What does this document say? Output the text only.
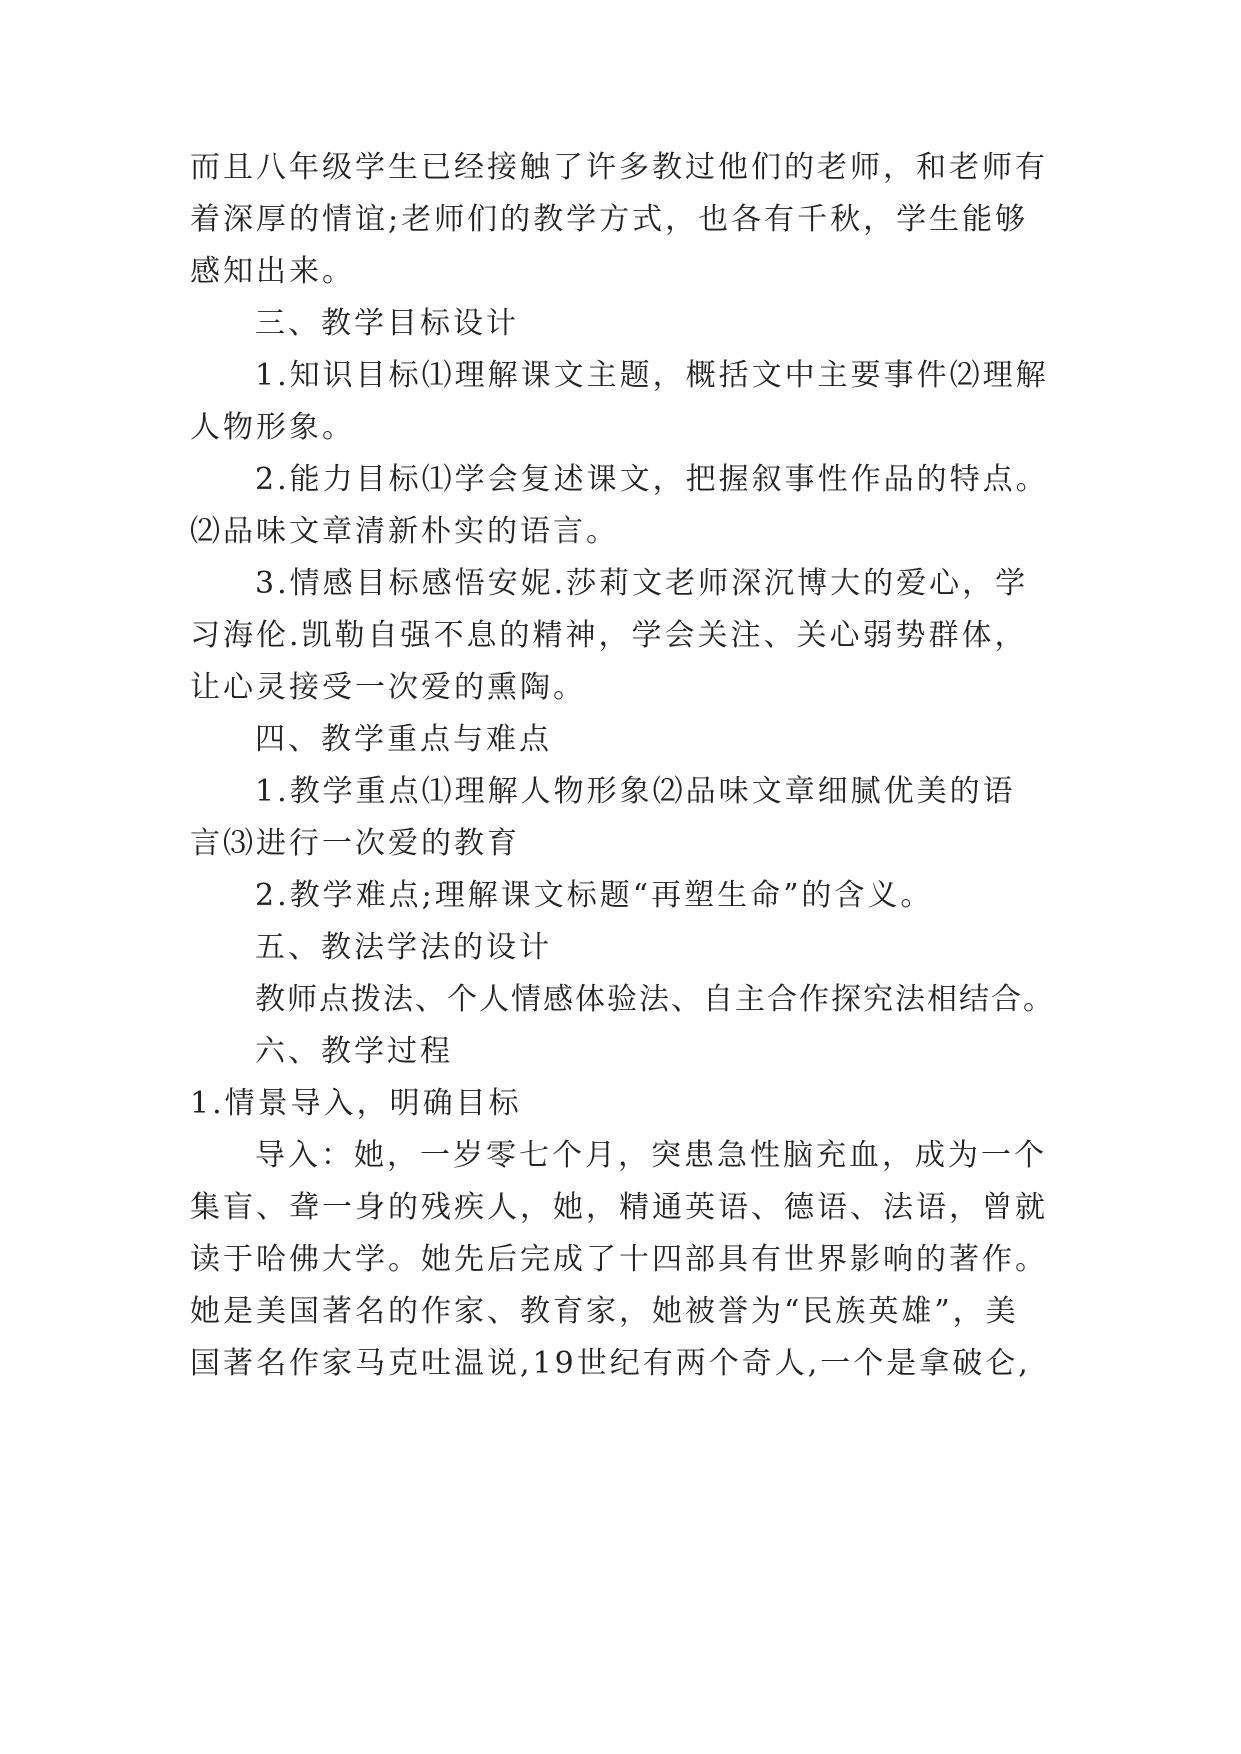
而且八年级学生已经接触了许多教过他们的老师，和老师有
着深厚的情谊;老师们的教学方式，也各有千秋，学生能够
感知出来。
三、教学目标设计
1.知识目标⑴理解课文主题，概括文中主要事件⑵理解
人物形象。
2.能力目标⑴学会复述课文，把握叙事性作品的特点。
⑵品味文章清新朴实的语言。
3.情感目标感悟安妮.莎莉文老师深沉博大的爱心，学
习海伦.凯勒自强不息的精神，学会关注、关心弱势群体，
让心灵接受一次爱的熏陶。
四、教学重点与难点
1.教学重点⑴理解人物形象⑵品味文章细腻优美的语
言⑶进行一次爱的教育
2.教学难点;理解课文标题“再塑生命”的含义。
五、教法学法的设计
教师点拨法、个人情感体验法、自主合作探究法相结合。
六、教学过程
1.情景导入，明确目标
导入：她，一岁零七个月，突患急性脑充血，成为一个
集盲、聋一身的残疾人，她，精通英语、德语、法语，曾就
读于哈佛大学。她先后完成了十四部具有世界影响的著作。
她是美国著名的作家、教育家，她被誉为“民族英雄”，美
国著名作家马克吐温说,19世纪有两个奇人,一个是拿破仑,
